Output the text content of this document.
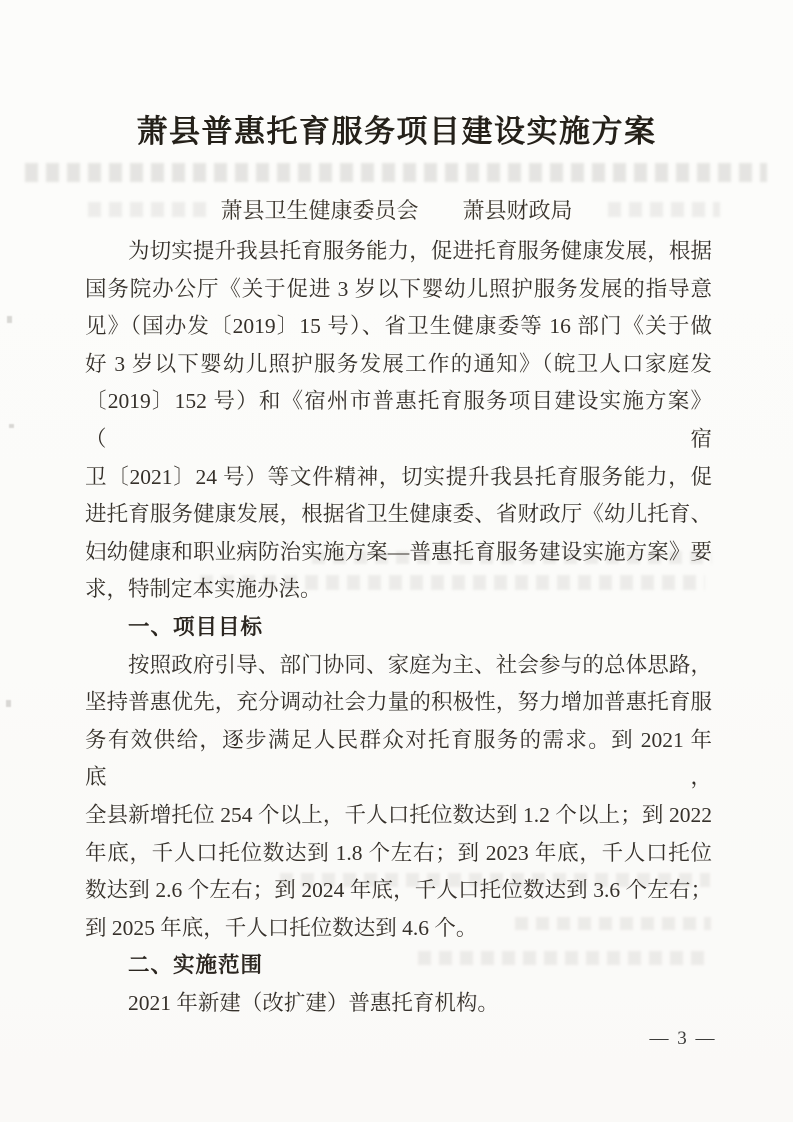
萧县普惠托育服务项目建设实施方案
萧县卫生健康委员会　　萧县财政局
为切实提升我县托育服务能力，促进托育服务健康发展，根据
国务院办公厅《关于促进 3 岁以下婴幼儿照护服务发展的指导意
见》（国办发〔2019〕15 号）、省卫生健康委等 16 部门《关于做
好 3 岁以下婴幼儿照护服务发展工作的通知》（皖卫人口家庭发
〔2019〕152 号）和《宿州市普惠托育服务项目建设实施方案》（宿
卫〔2021〕24 号）等文件精神，切实提升我县托育服务能力，促
进托育服务健康发展，根据省卫生健康委、省财政厅《幼儿托育、
妇幼健康和职业病防治实施方案—普惠托育服务建设实施方案》要
求，特制定本实施办法。
一、项目目标
按照政府引导、部门协同、家庭为主、社会参与的总体思路，
坚持普惠优先，充分调动社会力量的积极性，努力增加普惠托育服
务有效供给，逐步满足人民群众对托育服务的需求。到 2021 年底，
全县新增托位 254 个以上，千人口托位数达到 1.2 个以上；到 2022
年底，千人口托位数达到 1.8 个左右；到 2023 年底，千人口托位
数达到 2.6 个左右；到 2024 年底，千人口托位数达到 3.6 个左右；
到 2025 年底，千人口托位数达到 4.6 个。
二、实施范围
2021 年新建（改扩建）普惠托育机构。
— 3 —
